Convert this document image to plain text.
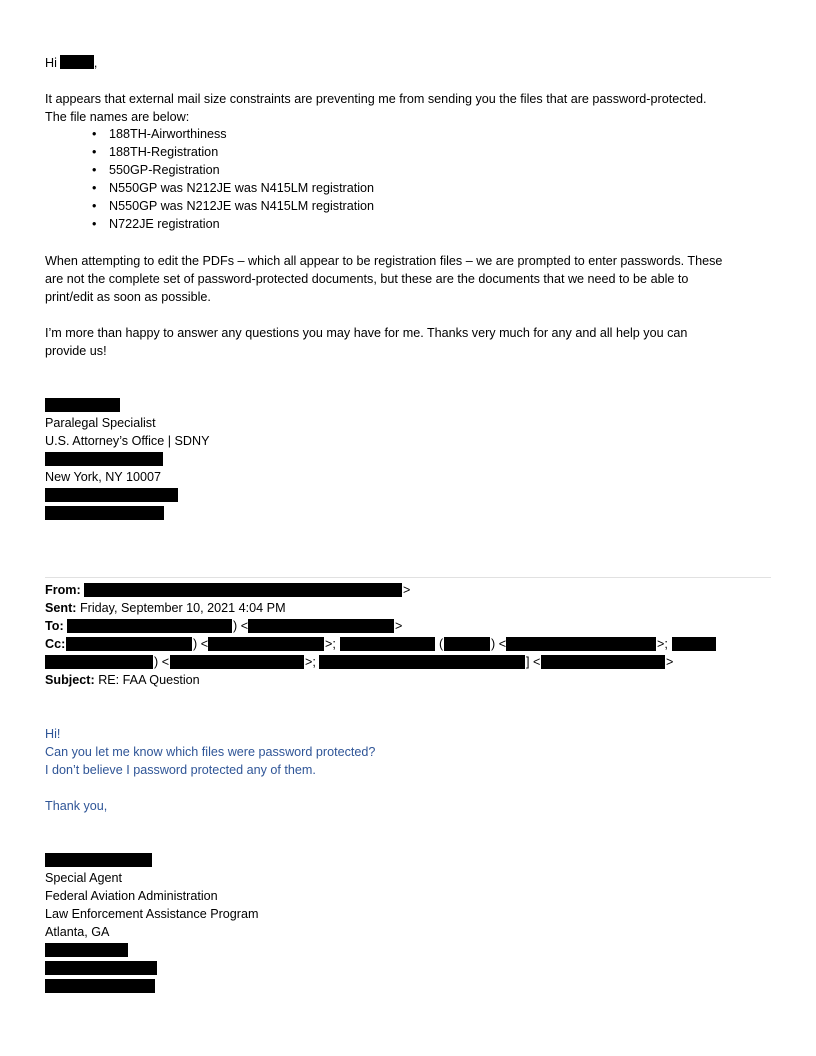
Hi	,
It appears that external mail size constraints are preventing me from sending you the files that are password-protected.
The file names are below:
• 188TH-Airworthiness
• 188TH-Registration
• 550GP-Registration
• N550GP was N212JE was N415LM registration
• N550GP was N212JE was N415LM registration
• N722JE registration
When attempting to edit the PDFs – which all appear to be registration files – we are prompted to enter passwords. These
are not the complete set of password-protected documents, but these are the documents that we need to be able to
print/edit as soon as possible.
I’m more than happy to answer any questions you may have for me. Thanks very much for any and all help you can
provide us!
Paralegal Specialist
U.S. Attorney’s Office | SDNY
New York, NY 10007
From:	>
Sent: Friday, September 10, 2021 4:04 PM
To:	) <	>
Cc:	) <	>;	(	) <	>;
) <	>;	] <	>
Subject: RE: FAA Question
Hi!
Can you let me know which files were password protected?
I don’t believe I password protected any of them.
Thank you,
Special Agent
Federal Aviation Administration
Law Enforcement Assistance Program
Atlanta, GA
